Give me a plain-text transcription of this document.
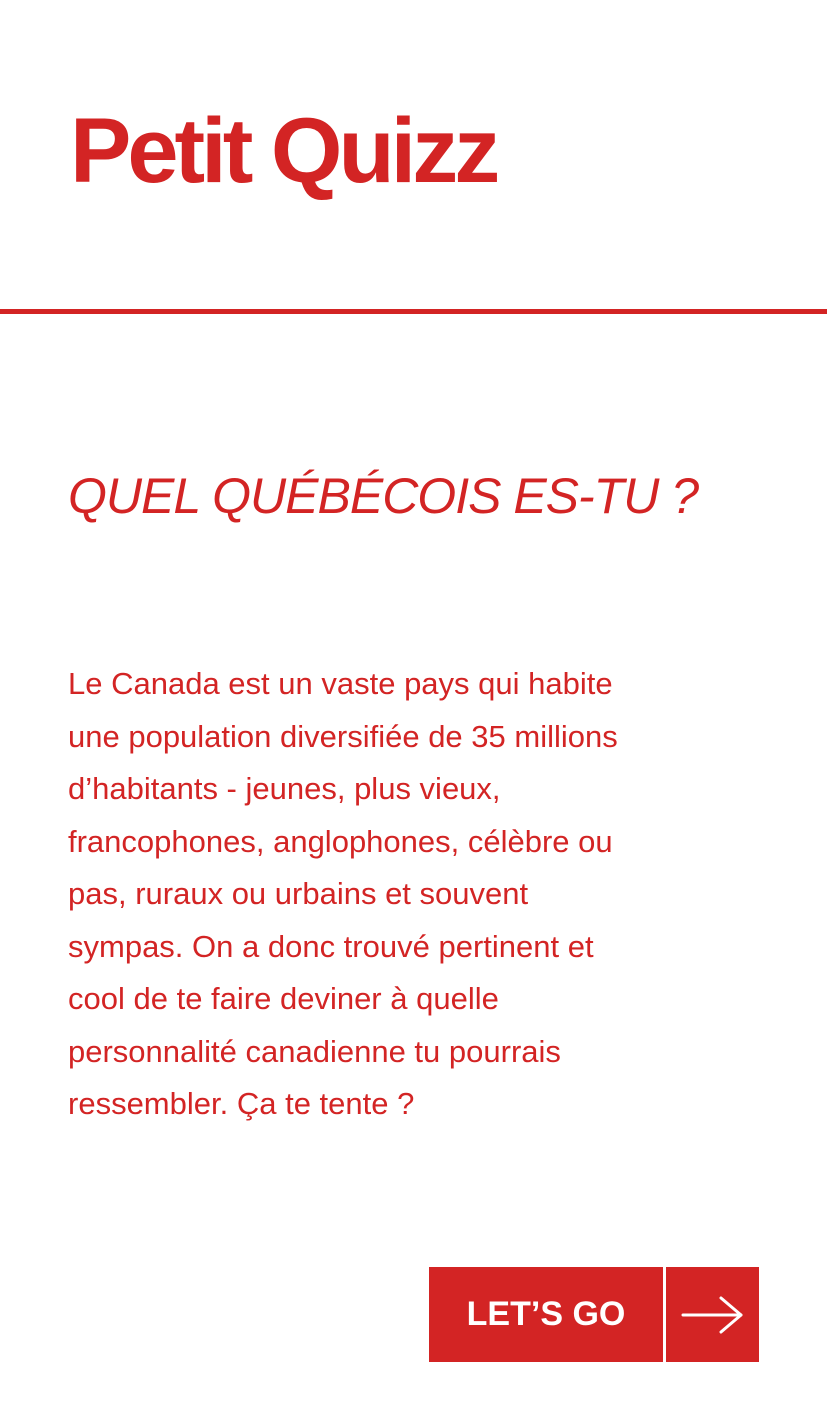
Petit Quizz
QUEL QUÉBÉCOIS ES-TU ?

Le Canada est un vaste pays qui habite
une population diversifiée de 35 millions
d’habitants - jeunes, plus vieux,
francophones, anglophones, célèbre ou
pas, ruraux ou urbains et souvent
sympas. On a donc trouvé pertinent et
cool de te faire deviner à quelle
personnalité canadienne tu pourrais
ressembler. Ça te tente ?

LET’S GO
